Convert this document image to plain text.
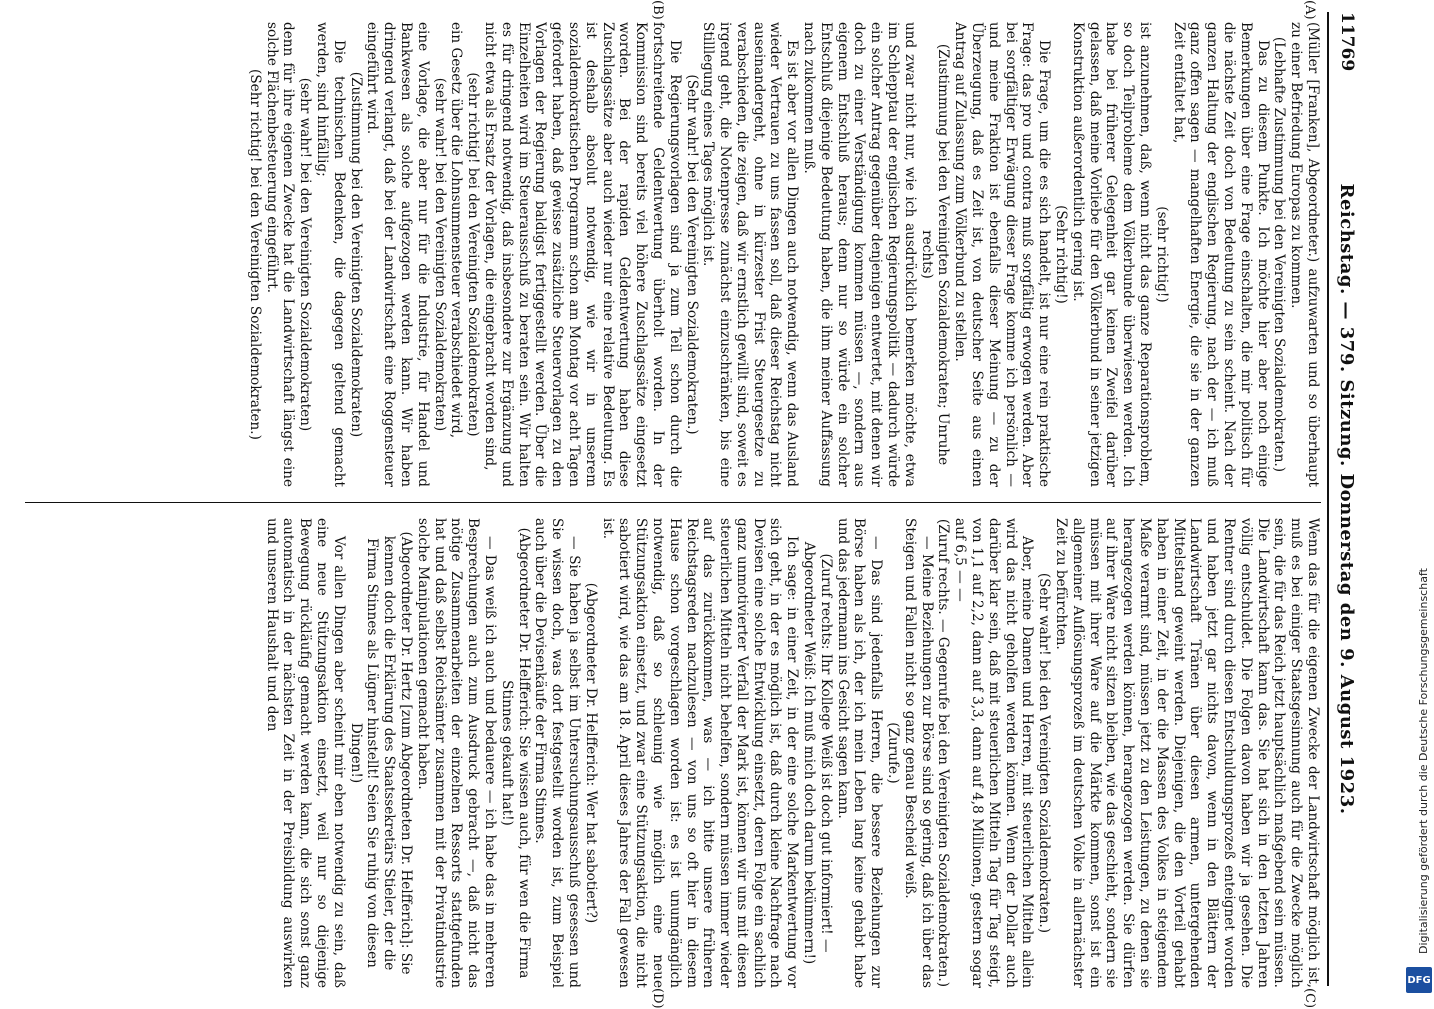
11769
Reichstag. — 379. Sitzung. Donnerstag den 9. August 1923.
(A)
(B)
(C)
(D)

(Müller [Franken], Abgeordneter.) aufzuwarten und so überhaupt zu einer Befriedung Europas zu kommen.

(Lebhafte Zustimmung bei den Vereinigten Sozialdemokraten.)

Das zu diesem Punkte. Ich möchte hier aber noch einige Bemerkungen über eine Frage einschalten, die mir politisch für die nächste Zeit doch von Bedeutung zu sein scheint. Nach der ganzen Haltung der englischen Regierung, nach der — ich muß ganz offen sagen — mangelhaften Energie, die sie in der ganzen Zeit entfaltet hat,

(sehr richtig!)

ist anzunehmen, daß, wenn nicht das ganze Reparationsproblem, so doch Teilprobleme dem Völkerbunde überwiesen werden. Ich habe bei früherer Gelegenheit gar keinen Zweifel darüber gelassen, daß meine Vorliebe für den Völkerbund in seiner jetzigen Konstruktion außerordentlich gering ist.

(Sehr richtig!)

Die Frage, um die es sich handelt, ist nur eine rein praktische Frage: das pro und contra muß sorgfältig erwogen werden. Aber bei sorgfältiger Erwägung dieser Frage komme ich persönlich — und meine Fraktion ist ebenfalls dieser Meinung — zu der Überzeugung, daß es Zeit ist, von deutscher Seite aus einen Antrag auf Zulassung zum Völkerbund zu stellen.

(Zustimmung bei den Vereinigten Sozialdemokraten; Unruhe rechts)

und zwar nicht nur, wie ich ausdrücklich bemerken möchte, etwa im Schlepptau der englischen Regierungspolitik — dadurch würde ein solcher Antrag gegenüber denjenigen entwertet, mit denen wir doch zu einer Verständigung kommen müssen —, sondern aus eigenem Entschluß heraus; denn nur so würde ein solcher Entschluß diejenige Bedeutung haben, die ihm meiner Auffassung nach zukommen muß.

Es ist aber vor allen Dingen auch notwendig, wenn das Ausland wieder Vertrauen zu uns fassen soll, daß dieser Reichstag nicht auseinandergeht, ohne in kürzester Frist Steuergesetze zu verabschieden, die zeigen, daß wir ernstlich gewillt sind, soweit es irgend geht, die Notenpresse zunächst einzuschränken, bis eine Stilllegung eines Tages möglich ist.

(Sehr wahr! bei den Vereinigten Sozialdemokraten.)

Die Regierungsvorlagen sind ja zum Teil schon durch die fortschreitende Geldentwertung überholt worden. In der Kommission sind bereits viel höhere Zuschlagssätze eingesetzt worden. Bei der rapiden Geldentwertung haben diese Zuschlagssätze aber auch wieder nur eine relative Bedeutung. Es ist deshalb absolut notwendig, wie wir in unserem sozialdemokratischen Programm schon am Montag vor acht Tagen gefordert haben, daß gewisse zusätzliche Steuervorlagen zu den Vorlagen der Regierung baldigst fertiggestellt werden. Über die Einzelheiten wird im Steuerausschuß zu beraten sein. Wir halten es für dringend notwendig, daß insbesondere zur Ergänzung und nicht etwa als Ersatz der Vorlagen, die eingebracht worden sind,

(sehr richtig! bei den Vereinigten Sozialdemokraten)

ein Gesetz über die Lohnsummensteuer verabschiedet wird,

(sehr wahr! bei den Vereinigten Sozialdemokraten)

eine Vorlage, die aber nur für die Industrie, für Handel und Bankwesen als solche aufgezogen werden kann. Wir haben dringend verlangt, daß bei der Landwirtschaft eine Roggensteuer eingeführt wird.

(Zustimmung bei den Vereinigten Sozialdemokraten)

Die technischen Bedenken, die dagegen geltend gemacht werden, sind hinfällig;

(sehr wahr! bei den Vereinigten Sozialdemokraten)

denn für ihre eigenen Zwecke hat die Landwirtschaft längst eine solche Flächenbesteuerung eingeführt.

(Sehr richtig! bei den Vereinigten Sozialdemokraten.)

Wenn das für die eigenen Zwecke der Landwirtschaft möglich ist, muß es bei einiger Staatsgesinnung auch für die Zwecke möglich sein, die für das Reich jetzt hauptsächlich maßgebend sein müssen. Die Landwirtschaft kann das. Sie hat sich in den letzten Jahren völlig entschuldet. Die Folgen davon haben wir ja gesehen. Die Rentner sind durch diesen Entschuldungsprozeß enteignet worden und haben jetzt gar nichts davon, wenn in den Blättern der Landwirtschaft Tränen über diesen armen, untergehenden Mittelstand geweint werden. Diejenigen, die den Vorteil gehabt haben in einer Zeit, in der die Massen des Volkes in steigendem Maße verarmt sind, müssen jetzt zu den Leistungen, zu denen sie herangezogen werden können, herangezogen werden. Sie dürfen auf ihrer Ware nicht sitzen bleiben, wie das geschieht, sondern sie müssen mit ihrer Ware auf die Märkte kommen, sonst ist ein allgemeiner Auflösungsprozeß im deutschen Volke in allernächster Zeit zu befürchten.

(Sehr wahr! bei den Vereinigten Sozialdemokraten.)

Aber, meine Damen und Herren, mit steuerlichen Mitteln allein wird das nicht geholfen werden können. Wenn der Dollar auch darüber klar sein, daß mit steuerlichen Mitteln Tag für Tag steigt, von 1,1 auf 2,2, dann auf 3,3, dann auf 4,8 Millionen, gestern sogar auf 6,5 — —

(Zuruf rechts. — Gegenrufe bei den Vereinigten Sozialdemokraten.)

— Meine Beziehungen zur Börse sind so gering, daß ich über das Steigen und Fallen nicht so ganz genau Bescheid weiß.

(Zurufe.)

— Das sind jedenfalls Herren, die bessere Beziehungen zur Börse haben als ich, der ich mein Leben lang keine gehabt habe und das jedermann ins Gesicht sagen kann.

(Zuruf rechts: Ihr Kollege Weiß ist doch gut informiert! — Abgeordneter Weiß: Ich muß mich doch darum bekümmern!)

Ich sage: in einer Zeit, in der eine solche Markentwertung vor sich geht, in der es möglich ist, daß durch kleine Nachfrage nach Devisen eine solche Entwicklung einsetzt, deren Folge ein sachlich ganz unmotivierter Verfall der Mark ist, können wir uns mit diesen steuerlichen Mitteln nicht behelfen, sondern müssen immer wieder auf das zurückkommen, was — ich bitte unsere früheren Reichstagsreden nachzulesen — von uns so oft hier in diesem Hause schon vorgeschlagen worden ist: es ist unumgänglich notwendig, daß so schleunig wie möglich eine neue Stützungsaktion einsetzt, und zwar eine Stützungsaktion, die nicht sabotiert wird, wie das am 18. April dieses Jahres der Fall gewesen ist.

(Abgeordneter Dr. Helfferich: Wer hat sabotiert?)

— Sie haben ja selbst im Untersuchungsausschuß gesessen und Sie wissen doch, was dort festgestellt worden ist, zum Beispiel auch über die Devisenkäufe der Firma Stinnes.

(Abgeordneter Dr. Helfferich: Sie wissen auch, für wen die Firma Stinnes gekauft hat!)

— Das weiß ich auch und bedauere — ich habe das in mehreren Besprechungen auch zum Ausdruck gebracht —, daß nicht das nötige Zusammenarbeiten der einzelnen Ressorts stattgefunden hat und daß selbst Reichsämter zusammen mit der Privatindustrie solche Manipulationen gemacht haben.

(Abgeordneter Dr. Hertz [zum Abgeordneten Dr. Helfferich]: Sie kennen doch die Erklärung des Staatssekretärs Stieler, der die Firma Stinnes als Lügner hinstellt! Seien Sie ruhig von diesen Dingen!)

Vor allen Dingen aber scheint mir eben notwendig zu sein, daß eine neue Stützungsaktion einsetzt, weil nur so diejenige Bewegung rückläufig gemacht werden kann, die sich sonst ganz automatisch in der nächsten Zeit in der Preisbildung auswirken und unseren Haushalt und den	Digitalisierung gefördert durch die Deutsche Forschungsgemeinschaft
DFG
